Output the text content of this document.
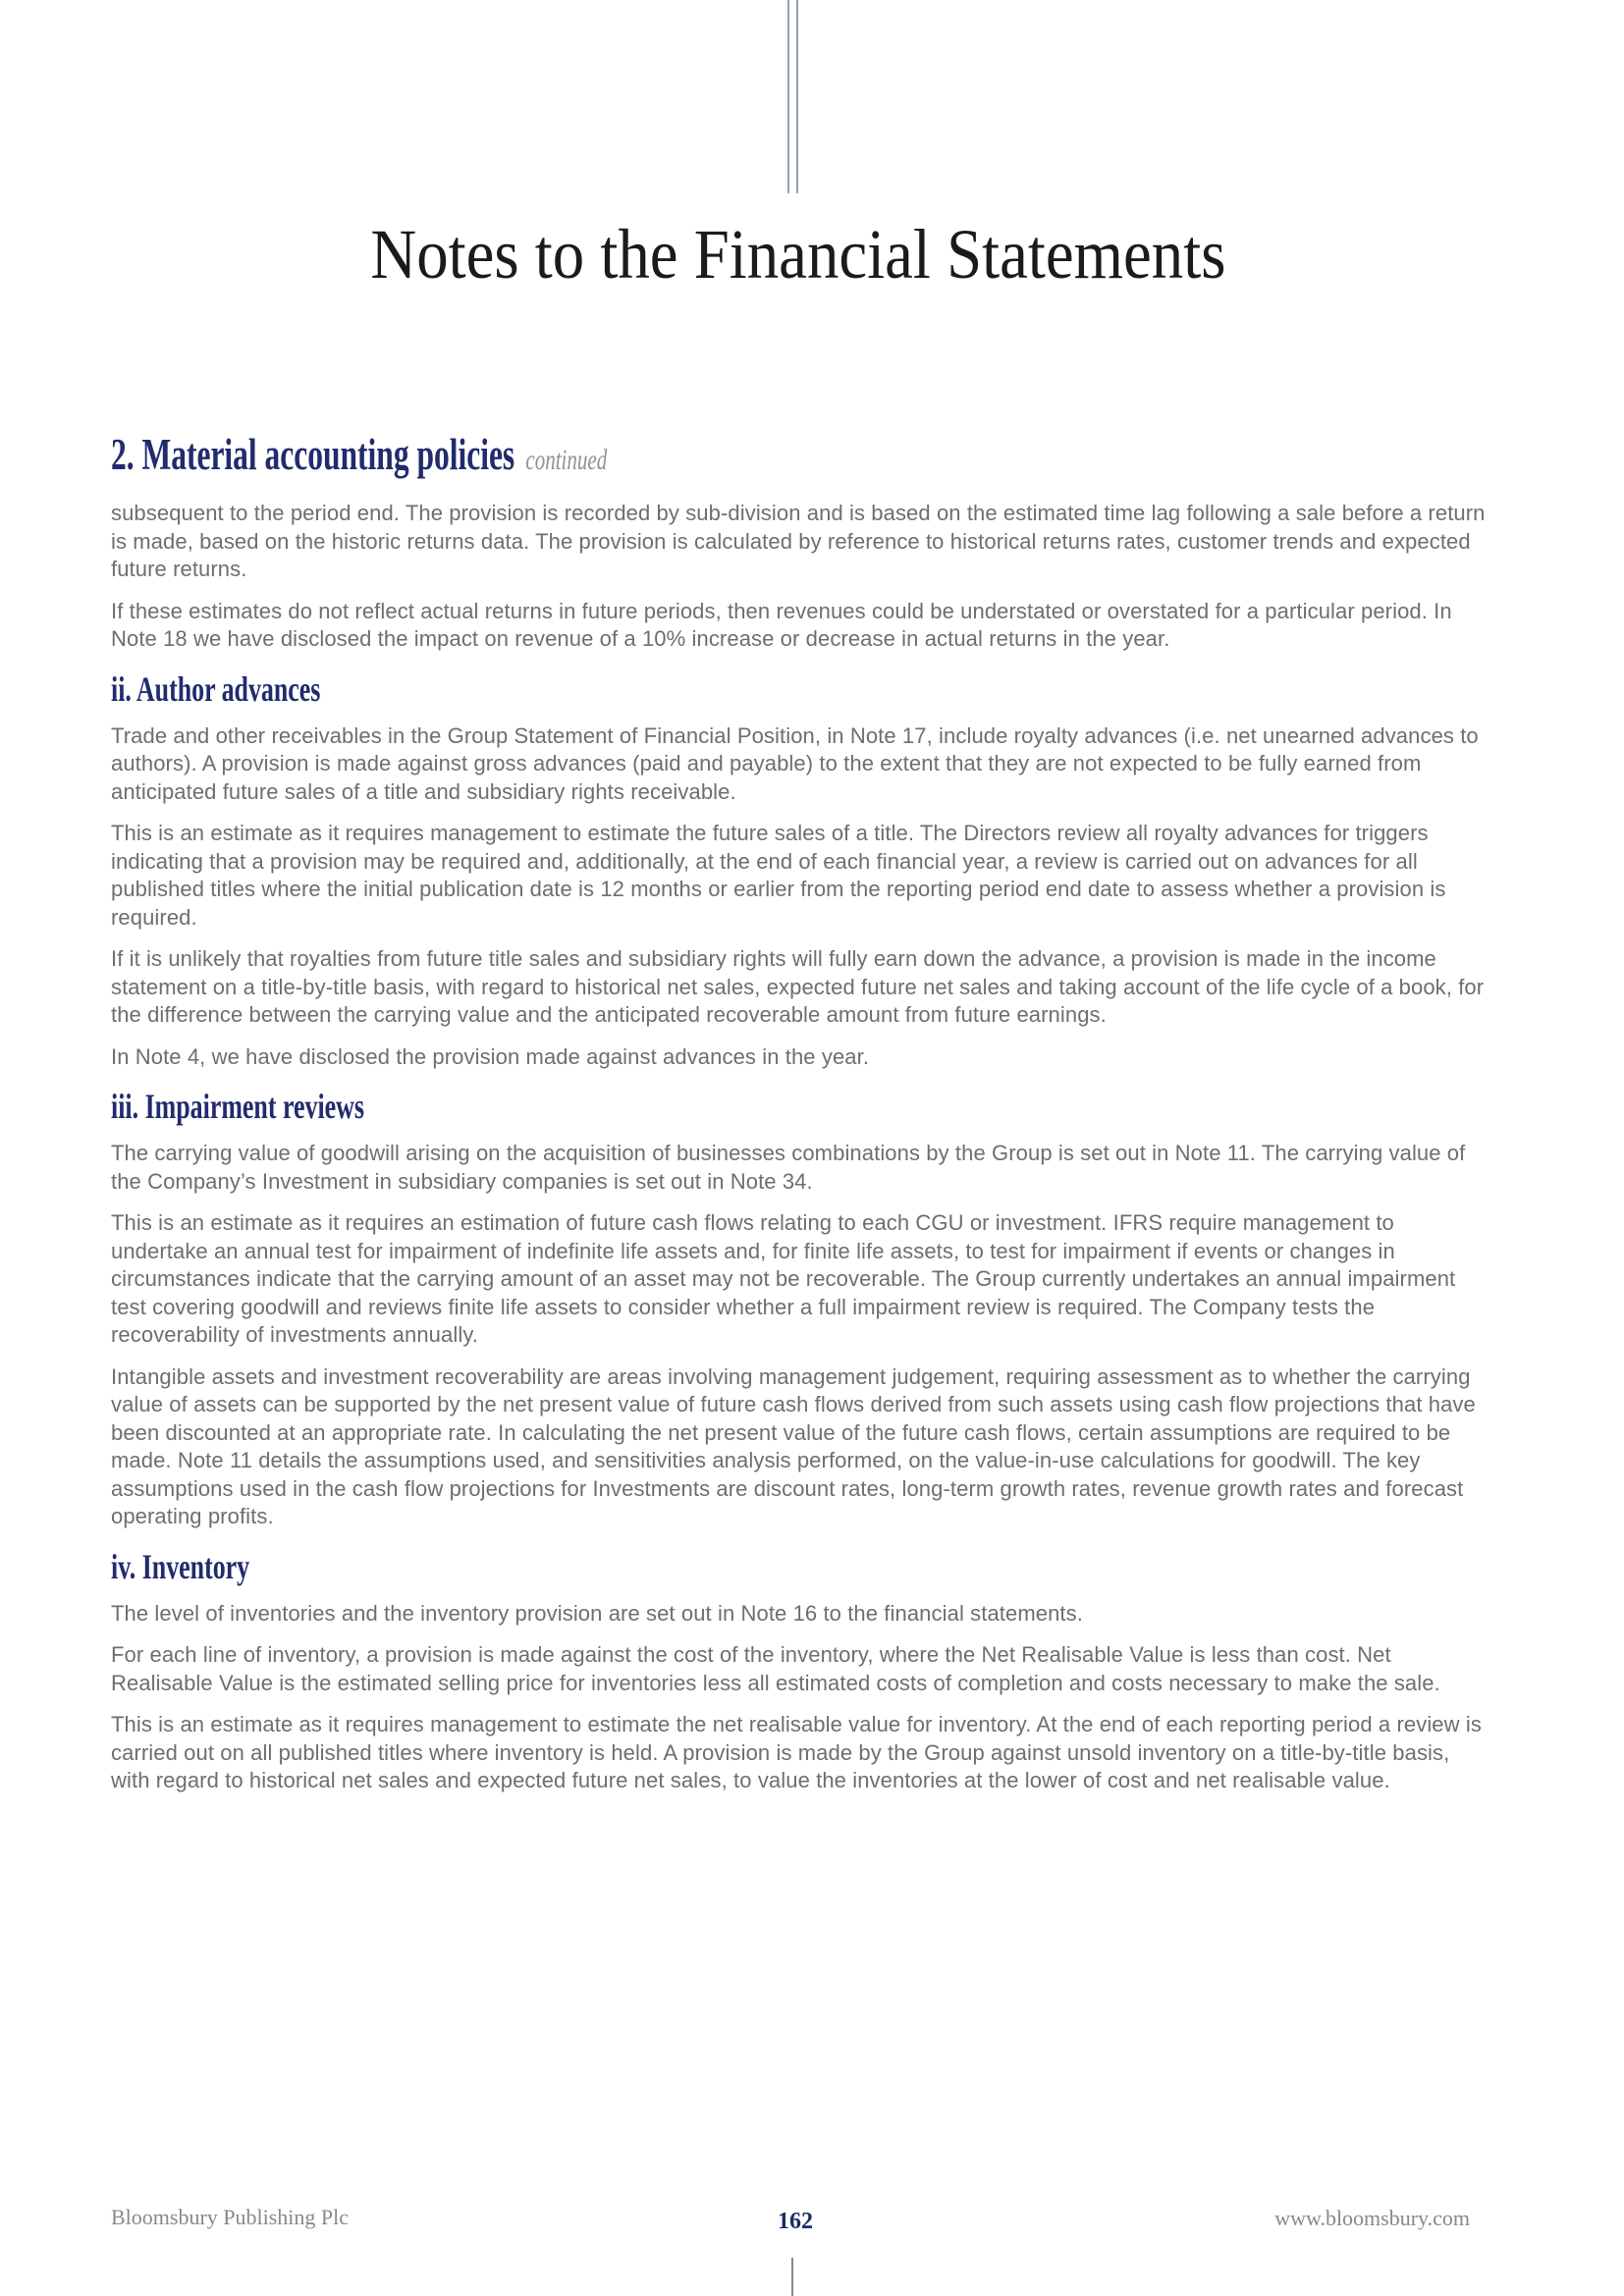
Notes to the Financial Statements
2. Material accounting policies continued

subsequent to the period end. The provision is recorded by sub-division and is based on the estimated time lag following a sale before a return is made, based on the historic returns data. The provision is calculated by reference to historical returns rates, customer trends and expected future returns.

If these estimates do not reflect actual returns in future periods, then revenues could be understated or overstated for a particular period. In Note 18 we have disclosed the impact on revenue of a 10% increase or decrease in actual returns in the year.

ii. Author advances

Trade and other receivables in the Group Statement of Financial Position, in Note 17, include royalty advances (i.e. net unearned advances to authors). A provision is made against gross advances (paid and payable) to the extent that they are not expected to be fully earned from anticipated future sales of a title and subsidiary rights receivable.

This is an estimate as it requires management to estimate the future sales of a title. The Directors review all royalty advances for triggers indicating that a provision may be required and, additionally, at the end of each financial year, a review is carried out on advances for all published titles where the initial publication date is 12 months or earlier from the reporting period end date to assess whether a provision is required.

If it is unlikely that royalties from future title sales and subsidiary rights will fully earn down the advance, a provision is made in the income statement on a title-by-title basis, with regard to historical net sales, expected future net sales and taking account of the life cycle of a book, for the difference between the carrying value and the anticipated recoverable amount from future earnings.

In Note 4, we have disclosed the provision made against advances in the year.

iii. Impairment reviews

The carrying value of goodwill arising on the acquisition of businesses combinations by the Group is set out in Note 11. The carrying value of the Company’s Investment in subsidiary companies is set out in Note 34.

This is an estimate as it requires an estimation of future cash flows relating to each CGU or investment. IFRS require management to undertake an annual test for impairment of indefinite life assets and, for finite life assets, to test for impairment if events or changes in circumstances indicate that the carrying amount of an asset may not be recoverable. The Group currently undertakes an annual impairment test covering goodwill and reviews finite life assets to consider whether a full impairment review is required. The Company tests the recoverability of investments annually.

Intangible assets and investment recoverability are areas involving management judgement, requiring assessment as to whether the carrying value of assets can be supported by the net present value of future cash flows derived from such assets using cash flow projections that have been discounted at an appropriate rate. In calculating the net present value of the future cash flows, certain assumptions are required to be made. Note 11 details the assumptions used, and sensitivities analysis performed, on the value-in-use calculations for goodwill. The key assumptions used in the cash flow projections for Investments are discount rates, long-term growth rates, revenue growth rates and forecast operating profits.

iv. Inventory

The level of inventories and the inventory provision are set out in Note 16 to the financial statements.

For each line of inventory, a provision is made against the cost of the inventory, where the Net Realisable Value is less than cost. Net Realisable Value is the estimated selling price for inventories less all estimated costs of completion and costs necessary to make the sale.

This is an estimate as it requires management to estimate the net realisable value for inventory. At the end of each reporting period a review is carried out on all published titles where inventory is held. A provision is made by the Group against unsold inventory on a title-by-title basis, with regard to historical net sales and expected future net sales, to value the inventories at the lower of cost and net realisable value.

Bloomsbury Publishing Plc	162	www.bloomsbury.com
